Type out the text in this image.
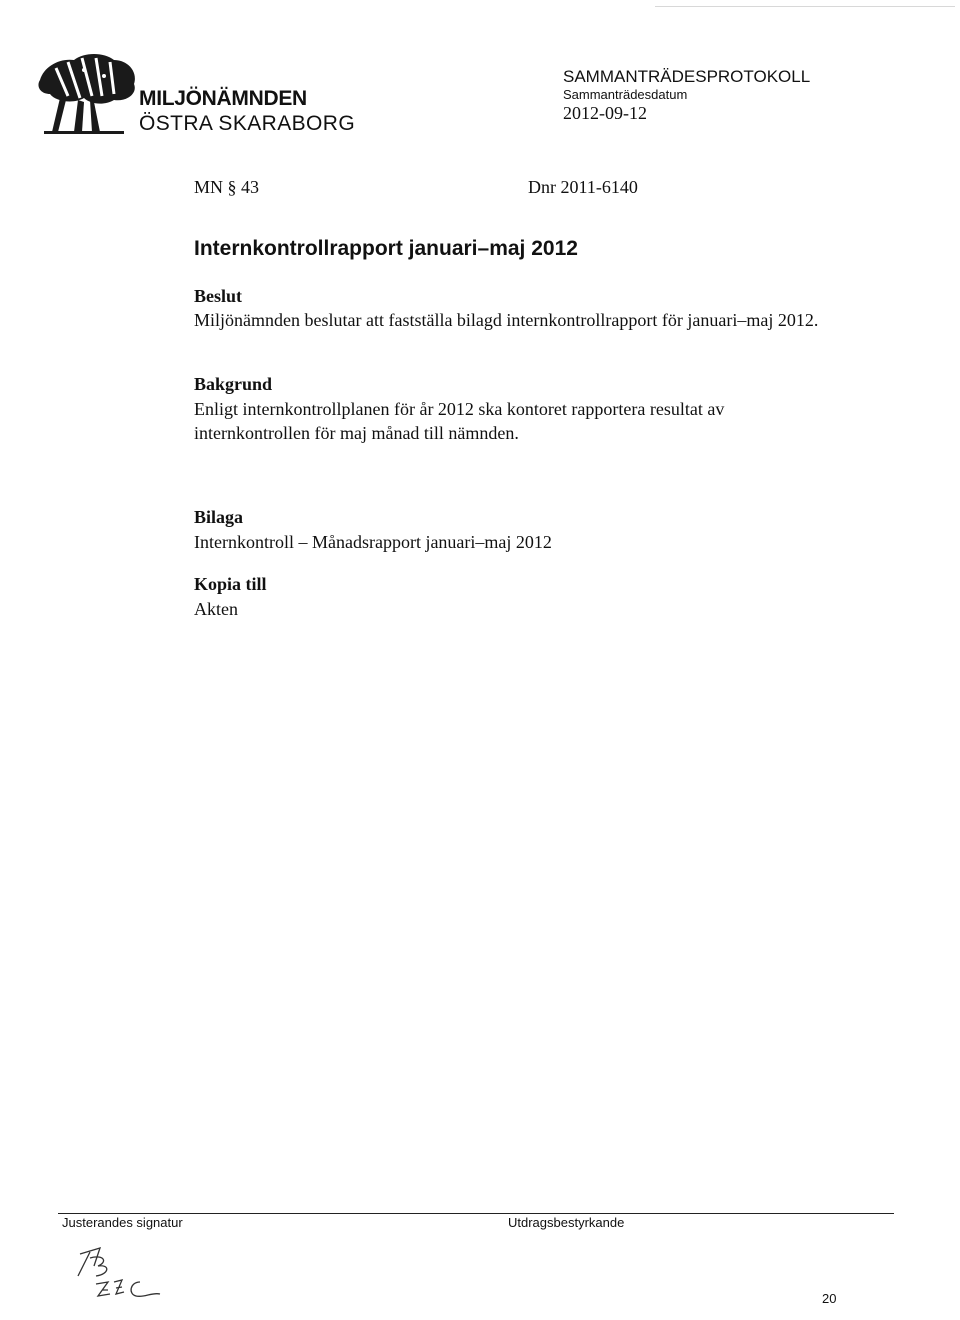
MILJÖNÄMNDEN
ÖSTRA SKARABORG
SAMMANTRÄDESPROTOKOLL
Sammanträdesdatum
2012-09-12
MN § 43	Dnr 2011-6140
Internkontrollrapport januari–maj 2012
Beslut

Miljönämnden beslutar att fastställa bilagd internkontrollrapport för januari–maj 2012.

Bakgrund

Enligt internkontrollplanen för år 2012 ska kontoret rapportera resultat av internkontrollen för maj månad till nämnden.

Bilaga

Internkontroll – Månadsrapport januari–maj 2012

Kopia till

Akten

Justerandes signatur	Utdragsbestyrkande
20
